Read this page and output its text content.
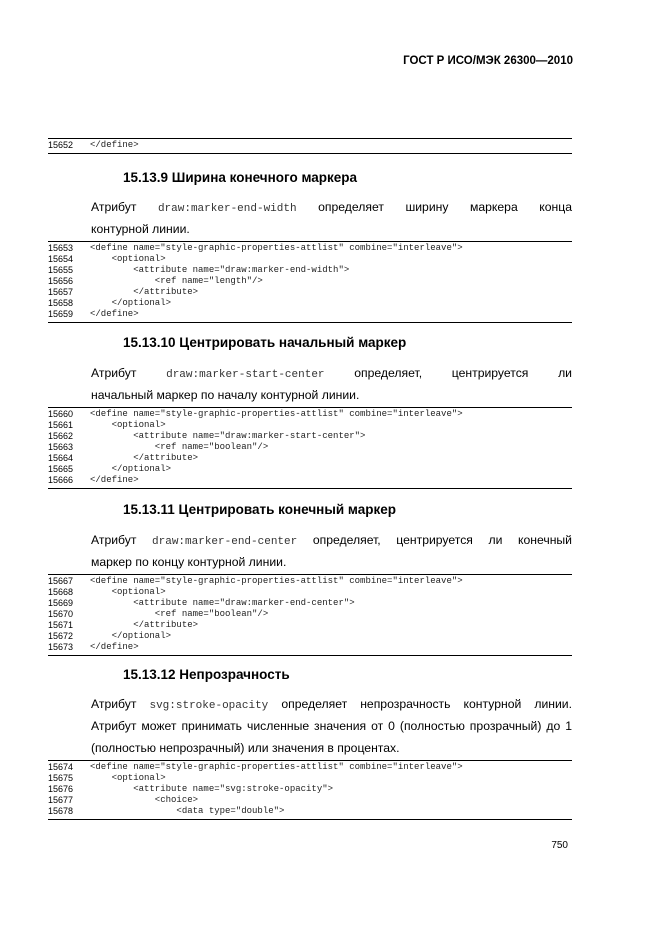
ГОСТ Р ИСО/МЭК 26300—2010
15652	</define>
15.13.9 Ширина конечного маркера
Атрибут draw:marker-end-width определяет ширину маркера конца
контурной линии.
15653	<define name="style-graphic-properties-attlist" combine="interleave">
15654	<optional>
15655	<attribute name="draw:marker-end-width">
15656	<ref name="length"/>
15657	</attribute>
15658	</optional>
15659	</define>
15.13.10 Центрировать начальный маркер
Атрибут draw:marker-start-center определяет, центрируется ли
начальный маркер по началу контурной линии.
15660	<define name="style-graphic-properties-attlist" combine="interleave">
15661	<optional>
15662	<attribute name="draw:marker-start-center">
15663	<ref name="boolean"/>
15664	</attribute>
15665	</optional>
15666	</define>
15.13.11 Центрировать конечный маркер
Атрибут draw:marker-end-center определяет, центрируется ли конечный
маркер по концу контурной линии.
15667	<define name="style-graphic-properties-attlist" combine="interleave">
15668	<optional>
15669	<attribute name="draw:marker-end-center">
15670	<ref name="boolean"/>
15671	</attribute>
15672	</optional>
15673	</define>
15.13.12 Непрозрачность
Атрибут svg:stroke-opacity определяет непрозрачность контурной линии.
Атрибут может принимать численные значения от 0 (полностью прозрачный) до 1
(полностью непрозрачный) или значения в процентах.
15674	<define name="style-graphic-properties-attlist" combine="interleave">
15675	<optional>
15676	<attribute name="svg:stroke-opacity">
15677	<choice>
15678	<data type="double">
750
